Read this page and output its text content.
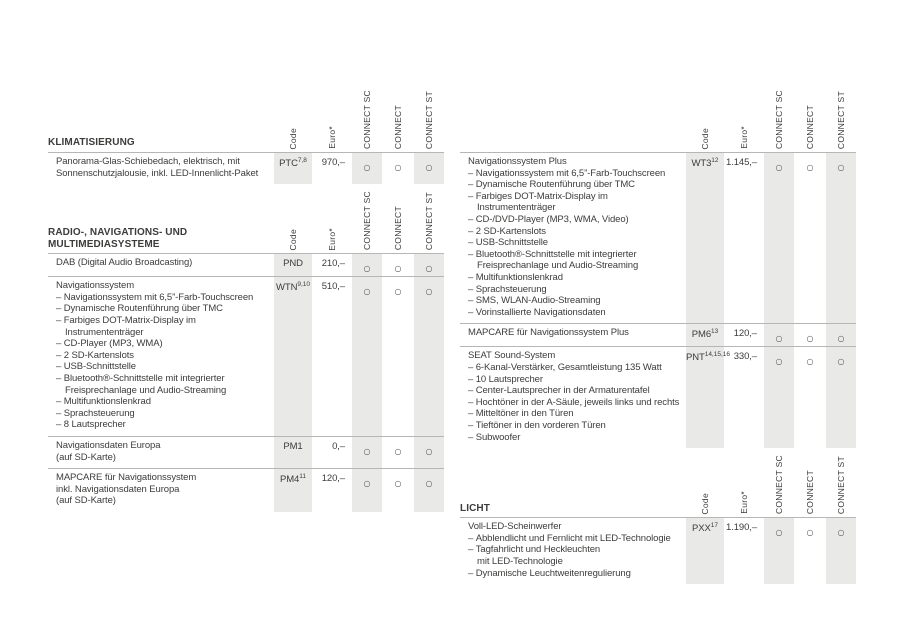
KLIMATISIERUNG	Code	Euro*	CONNECT SC CONNECT CONNECT ST
Panorama-Glas-Schiebedach, elektrisch, mit
Sonnenschutzjalousie, inkl. LED-Innenlicht-Paket
PTC$^{7,8}$	970,–	○	○	○
RADIO-, NAVIGATIONS- UND
MULTIMEDIASYSTEME	Code	Euro*	CONNECT SC CONNECT CONNECT ST
DAB (Digital Audio Broadcasting)	PND	210,–	○	○	○
Navigationssystem
– Navigationssystem mit 6,5”-Farb-Touchscreen
– Dynamische Routenführung über TMC
– Farbiges DOT-Matrix-Display im
Instrumententräger
– CD-Player (MP3, WMA)
– 2 SD-Kartenslots
– USB-Schnittstelle
– Bluetooth®-Schnittstelle mit integrierter
Freisprechanlage und Audio-Streaming
– Multifunktionslenkrad
– Sprachsteuerung
– 8 Lautsprecher
WTN$^{9,10}$	510,–	○	○	○
Navigationsdaten Europa
(auf SD-Karte)
PM1	0,–	○	○	○
MAPCARE für Navigationssystem
inkl. Navigationsdaten Europa
(auf SD-Karte)
$PM4^{11}$	120,–	○	○	○
Code	Euro*	CONNECT SC CONNECT CONNECT ST
Navigationssystem Plus
– Navigationssystem mit 6,5”-Farb-Touchscreen
– Dynamische Routenführung über TMC
– Farbiges DOT-Matrix-Display im
Instrumententräger
– CD-/DVD-Player (MP3, WMA, Video)
– 2 SD-Kartenslots
– USB-Schnittstelle
– Bluetooth®-Schnittstelle mit integrierter
Freisprechanlage und Audio-Streaming
– Multifunktionslenkrad
– Sprachsteuerung
– SMS, WLAN-Audio-Streaming
– Vorinstallierte Navigationsdaten
$WT3^{12}$ 1.145,–	○	○	○
MAPCARE für Navigationssystem Plus	$PM6^{13}$	120,–	○	○	○
SEAT Sound-System
– 6-Kanal-Verstärker, Gesamtleistung 135 Watt
– 10 Lautsprecher
– Center-Lautsprecher in der Armaturentafel
– Hochtöner in der A-Säule, jeweils links und rechts
– Mitteltöner in den Türen
– Tieftöner in den vorderen Türen
– Subwoofer
PNT$^{14,15,16}$ 330,–	○	○	○
LICHT	Code	Euro*	CONNECT SC CONNECT CONNECT ST
Voll-LED-Scheinwerfer
– Abblendlicht und Fernlicht mit LED-Technologie
– Tagfahrlicht und Heckleuchten
mit LED-Technologie
– Dynamische Leuchtweitenregulierung
PXX$^{17}$ 1.190,–	○	○	○
